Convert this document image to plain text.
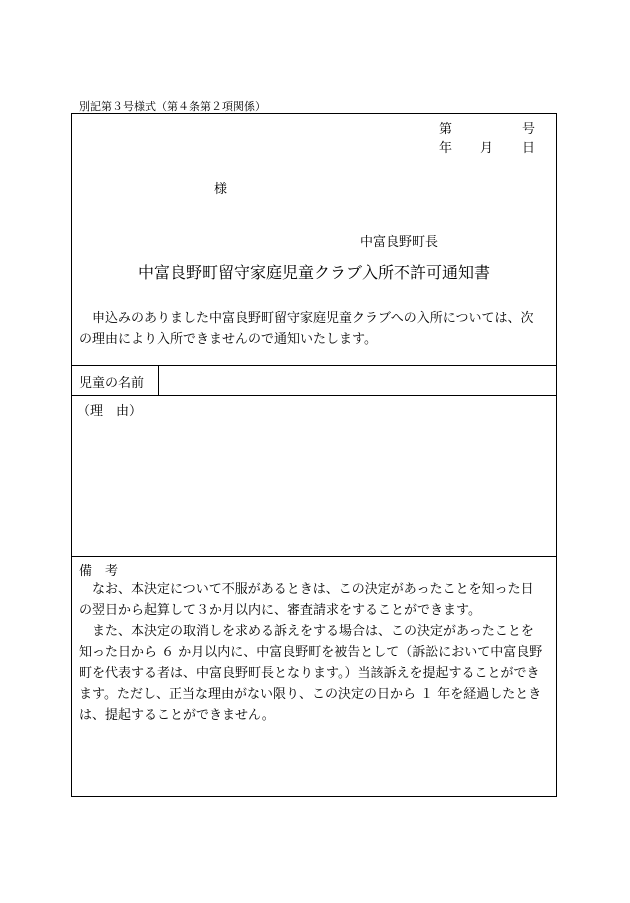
別記第３号様式（第４条第２項関係）
第	号
年 月 日
様
中富良野町長
中富良野町留守家庭児童クラブ入所不許可通知書

　申込みのありました中富良野町留守家庭児童クラブへの入所については、次

の理由により入所できませんので通知いたします。

児童の名前
（理　由）
備　考

　なお、本決定について不服があるときは、この決定があったことを知った日

の翌日から起算して３か月以内に、審査請求をすることができます。

　また、本決定の取消しを求める訴えをする場合は、この決定があったことを

知った日から ６ か月以内に、中富良野町を被告として（訴訟において中富良野

町を代表する者は、中富良野町長となります。）当該訴えを提起することができ

ます。ただし、正当な理由がない限り、この決定の日から １ 年を経過したとき

は、提起することができません。
